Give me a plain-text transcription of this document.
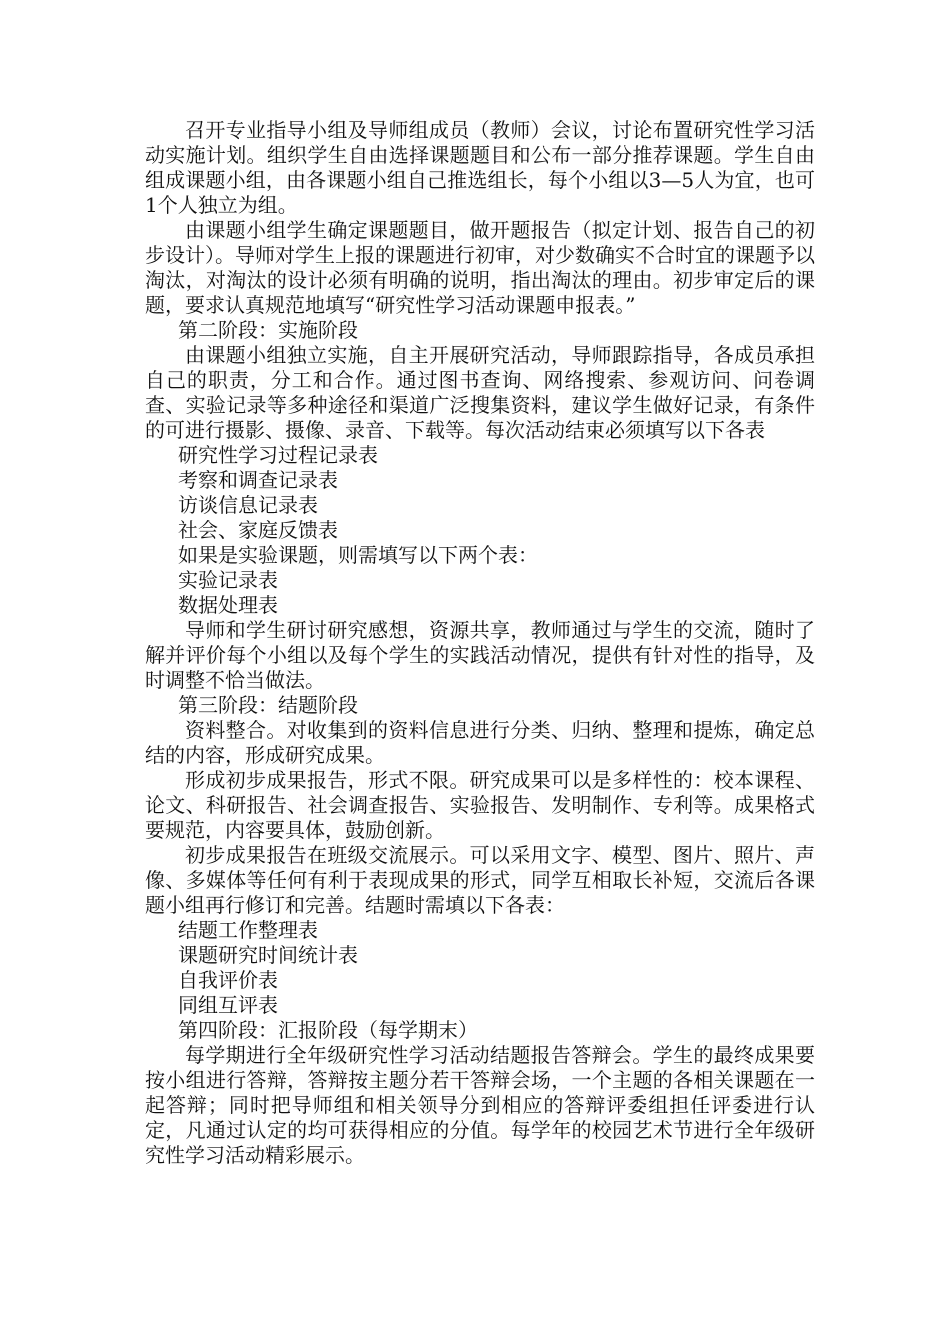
召开专业指导小组及导师组成员（教师）会议，讨论布置研究性学习活动实施计划。组织学生自由选择课题题目和公布一部分推荐课题。学生自由组成课题小组，由各课题小组自己推选组长，每个小组以3—5人为宜，也可1个人独立为组。

由课题小组学生确定课题题目，做开题报告（拟定计划、报告自己的初步设计）。导师对学生上报的课题进行初审，对少数确实不合时宜的课题予以淘汰，对淘汰的设计必须有明确的说明，指出淘汰的理由。初步审定后的课题，要求认真规范地填写“研究性学习活动课题申报表。”

第二阶段：实施阶段

由课题小组独立实施，自主开展研究活动，导师跟踪指导，各成员承担自己的职责，分工和合作。通过图书查询、网络搜索、参观访问、问卷调查、实验记录等多种途径和渠道广泛搜集资料，建议学生做好记录，有条件的可进行摄影、摄像、录音、下载等。每次活动结束必须填写以下各表

研究性学习过程记录表

考察和调查记录表

访谈信息记录表

社会、家庭反馈表

如果是实验课题，则需填写以下两个表：

实验记录表

数据处理表

导师和学生研讨研究感想，资源共享，教师通过与学生的交流，随时了解并评价每个小组以及每个学生的实践活动情况，提供有针对性的指导，及时调整不恰当做法。

第三阶段：结题阶段

资料整合。对收集到的资料信息进行分类、归纳、整理和提炼，确定总结的内容，形成研究成果。

形成初步成果报告，形式不限。研究成果可以是多样性的：校本课程、论文、科研报告、社会调查报告、实验报告、发明制作、专利等。成果格式要规范，内容要具体，鼓励创新。

初步成果报告在班级交流展示。可以采用文字、模型、图片、照片、声像、多媒体等任何有利于表现成果的形式，同学互相取长补短，交流后各课题小组再行修订和完善。结题时需填以下各表：

结题工作整理表

课题研究时间统计表

自我评价表

同组互评表

第四阶段：汇报阶段（每学期末）

每学期进行全年级研究性学习活动结题报告答辩会。学生的最终成果要按小组进行答辩，答辩按主题分若干答辩会场，一个主题的各相关课题在一起答辩；同时把导师组和相关领导分到相应的答辩评委组担任评委进行认定，凡通过认定的均可获得相应的分值。每学年的校园艺术节进行全年级研究性学习活动精彩展示。
